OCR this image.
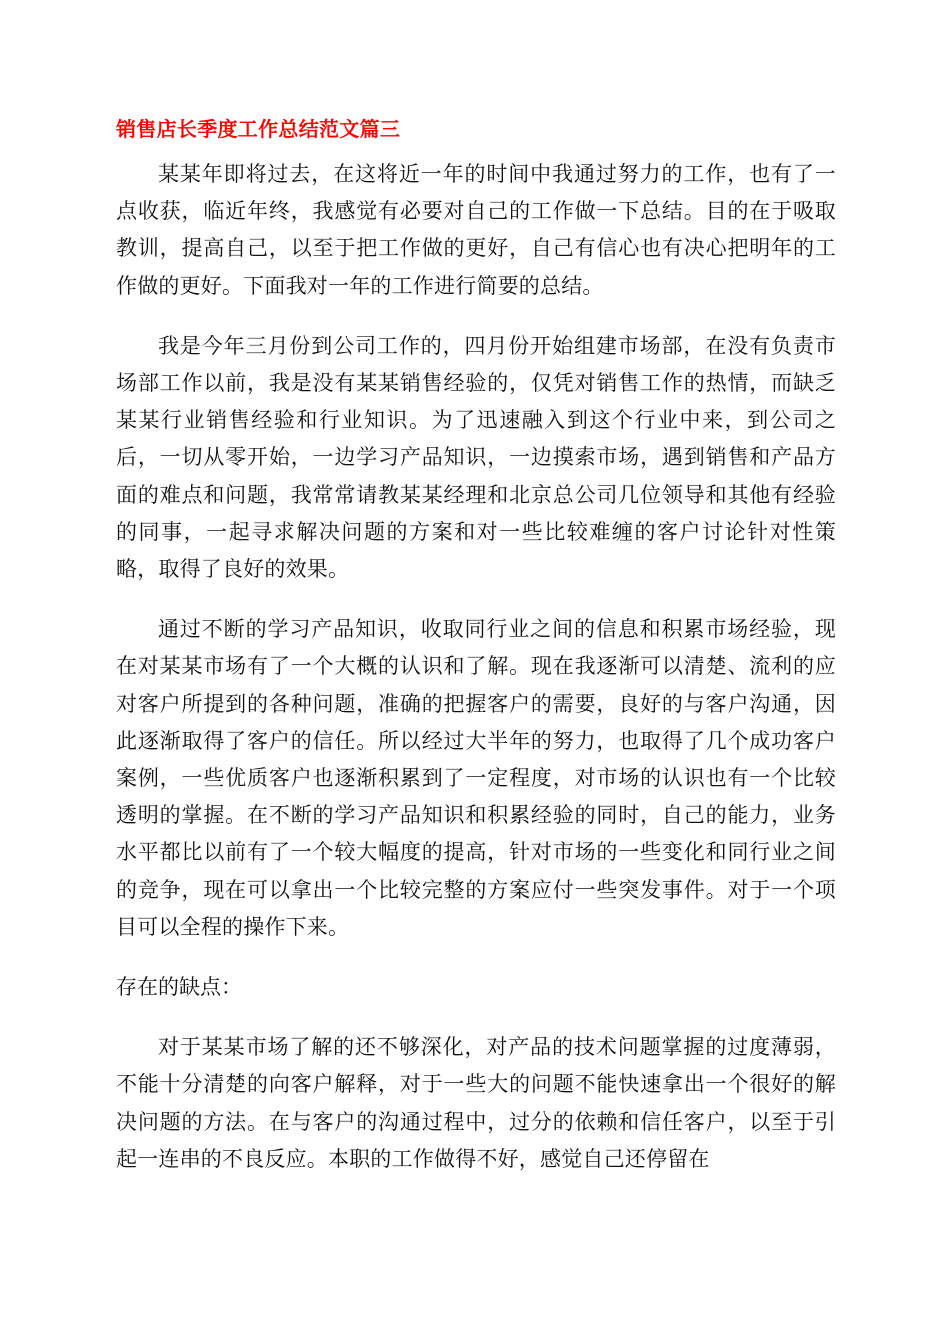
销售店长季度工作总结范文篇三

某某年即将过去，在这将近一年的时间中我通过努力的工作，也有了一点收获，临近年终，我感觉有必要对自己的工作做一下总结。目的在于吸取教训，提高自己，以至于把工作做的更好，自己有信心也有决心把明年的工作做的更好。下面我对一年的工作进行简要的总结。

我是今年三月份到公司工作的，四月份开始组建市场部，在没有负责市场部工作以前，我是没有某某销售经验的，仅凭对销售工作的热情，而缺乏某某行业销售经验和行业知识。为了迅速融入到这个行业中来，到公司之后，一切从零开始，一边学习产品知识，一边摸索市场，遇到销售和产品方面的难点和问题，我常常请教某某经理和北京总公司几位领导和其他有经验的同事，一起寻求解决问题的方案和对一些比较难缠的客户讨论针对性策略，取得了良好的效果。

通过不断的学习产品知识，收取同行业之间的信息和积累市场经验，现在对某某市场有了一个大概的认识和了解。现在我逐渐可以清楚、流利的应对客户所提到的各种问题，准确的把握客户的需要，良好的与客户沟通，因此逐渐取得了客户的信任。所以经过大半年的努力，也取得了几个成功客户案例，一些优质客户也逐渐积累到了一定程度，对市场的认识也有一个比较透明的掌握。在不断的学习产品知识和积累经验的同时，自己的能力，业务水平都比以前有了一个较大幅度的提高，针对市场的一些变化和同行业之间的竞争，现在可以拿出一个比较完整的方案应付一些突发事件。对于一个项目可以全程的操作下来。

存在的缺点：

对于某某市场了解的还不够深化，对产品的技术问题掌握的过度薄弱，不能十分清楚的向客户解释，对于一些大的问题不能快速拿出一个很好的解决问题的方法。在与客户的沟通过程中，过分的依赖和信任客户，以至于引起一连串的不良反应。本职的工作做得不好，感觉自己还停留在
